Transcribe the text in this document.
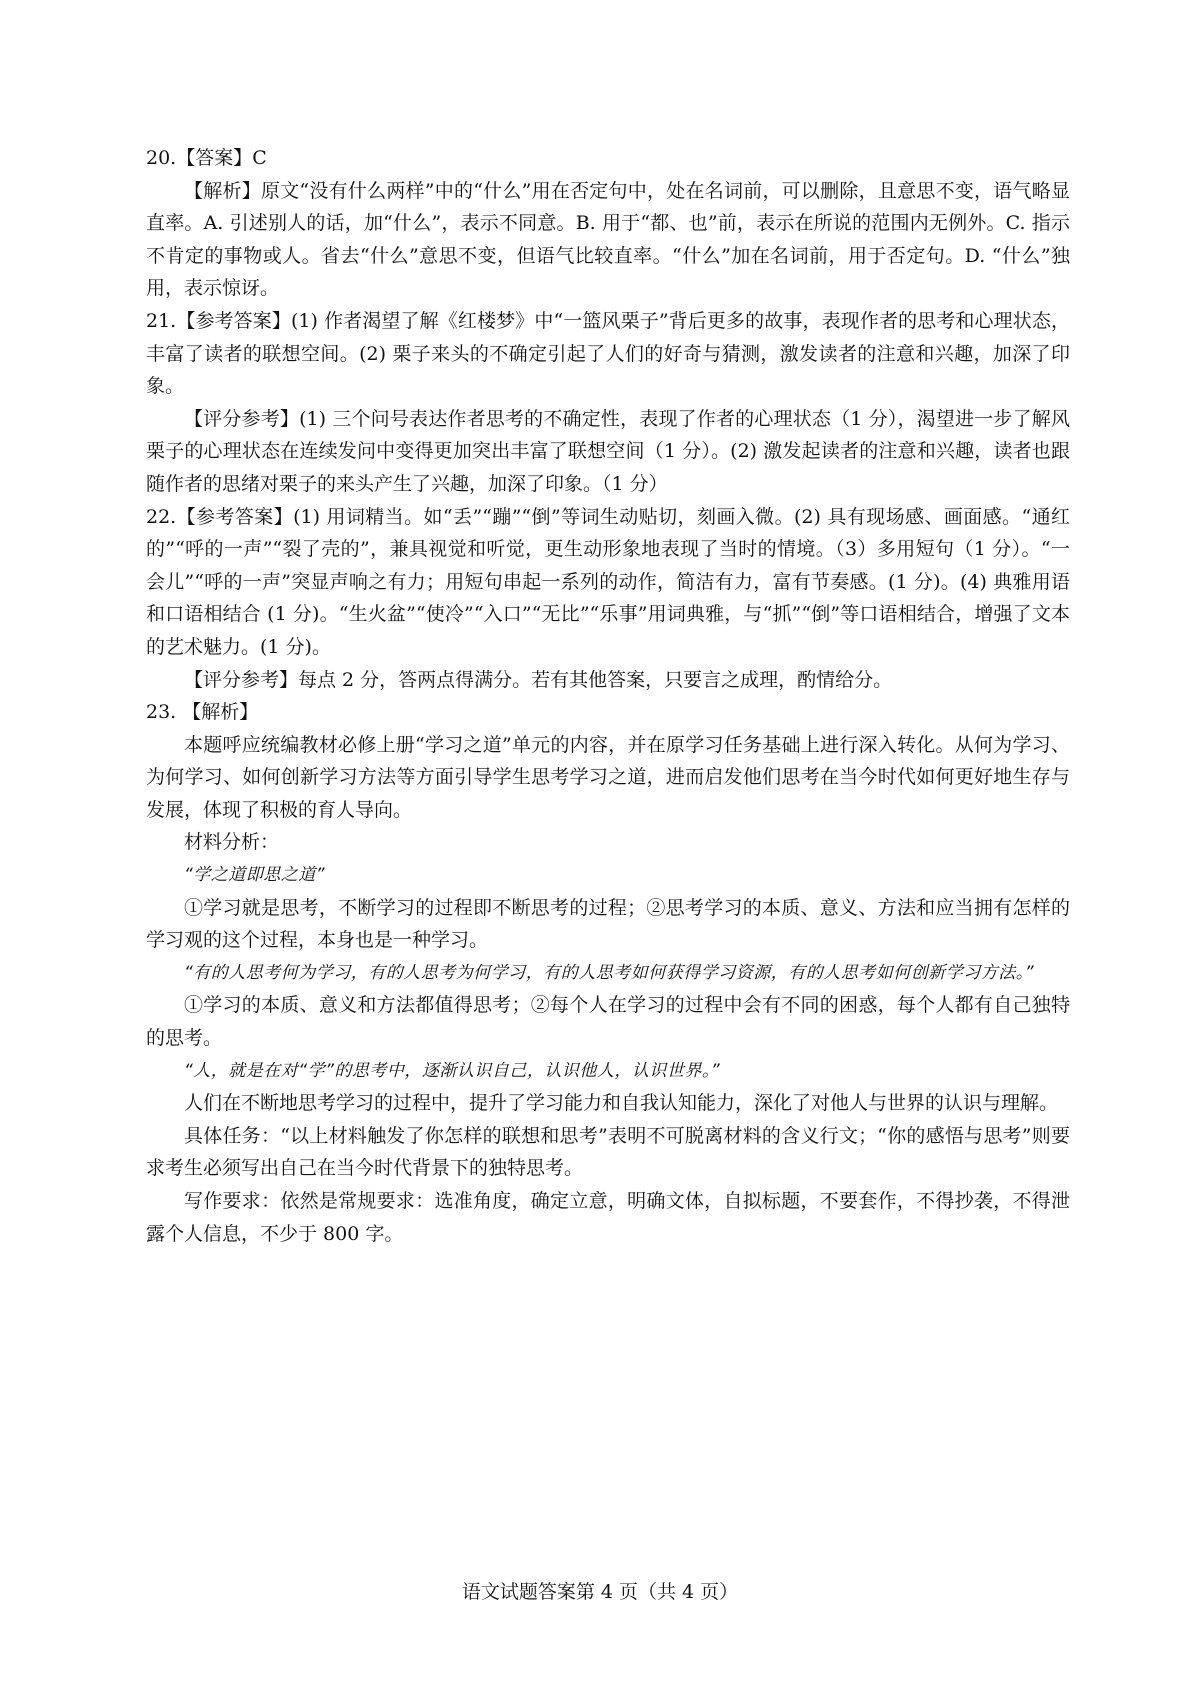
20.【答案】C

【解析】原文“没有什么两样”中的“什么”用在否定句中，处在名词前，可以删除，且意思不变，语气略显直率。A. 引述别人的话，加“什么”，表示不同意。B. 用于“都、也”前，表示在所说的范围内无例外。C. 指示不肯定的事物或人。省去“什么”意思不变，但语气比较直率。“什么”加在名词前，用于否定句。D. “什么”独用，表示惊讶。

21.【参考答案】(1) 作者渴望了解《红楼梦》中“一篮风栗子”背后更多的故事，表现作者的思考和心理状态，丰富了读者的联想空间。(2) 栗子来头的不确定引起了人们的好奇与猜测，激发读者的注意和兴趣，加深了印象。

【评分参考】(1) 三个问号表达作者思考的不确定性，表现了作者的心理状态（1 分），渴望进一步了解风栗子的心理状态在连续发问中变得更加突出丰富了联想空间（1 分）。(2) 激发起读者的注意和兴趣，读者也跟随作者的思绪对栗子的来头产生了兴趣，加深了印象。（1 分）

22.【参考答案】(1) 用词精当。如“丢”“蹦”“倒”等词生动贴切，刻画入微。(2) 具有现场感、画面感。“通红的”“呼的一声”“裂了壳的”，兼具视觉和听觉，更生动形象地表现了当时的情境。（3）多用短句（1 分）。“一会儿”“呼的一声”突显声响之有力；用短句串起一系列的动作，简洁有力，富有节奏感。(1 分)。(4) 典雅用语和口语相结合 (1 分)。“生火盆”“使冷”“入口”“无比”“乐事”用词典雅，与“抓”“倒”等口语相结合，增强了文本的艺术魅力。(1 分)。

【评分参考】每点 2 分，答两点得满分。若有其他答案，只要言之成理，酌情给分。

23. 【解析】

本题呼应统编教材必修上册“学习之道”单元的内容，并在原学习任务基础上进行深入转化。从何为学习、为何学习、如何创新学习方法等方面引导学生思考学习之道，进而启发他们思考在当今时代如何更好地生存与发展，体现了积极的育人导向。

材料分析：

“学之道即思之道”

①学习就是思考，不断学习的过程即不断思考的过程；②思考学习的本质、意义、方法和应当拥有怎样的学习观的这个过程，本身也是一种学习。

“有的人思考何为学习，有的人思考为何学习，有的人思考如何获得学习资源，有的人思考如何创新学习方法。”

①学习的本质、意义和方法都值得思考；②每个人在学习的过程中会有不同的困惑，每个人都有自己独特的思考。

“人，就是在对“学”的思考中，逐渐认识自己，认识他人，认识世界。”

人们在不断地思考学习的过程中，提升了学习能力和自我认知能力，深化了对他人与世界的认识与理解。

具体任务：“以上材料触发了你怎样的联想和思考”表明不可脱离材料的含义行文；“你的感悟与思考”则要求考生必须写出自己在当今时代背景下的独特思考。

写作要求：依然是常规要求：选准角度，确定立意，明确文体，自拟标题，不要套作，不得抄袭，不得泄露个人信息，不少于 800 字。

语文试题答案第 4 页（共 4 页）
